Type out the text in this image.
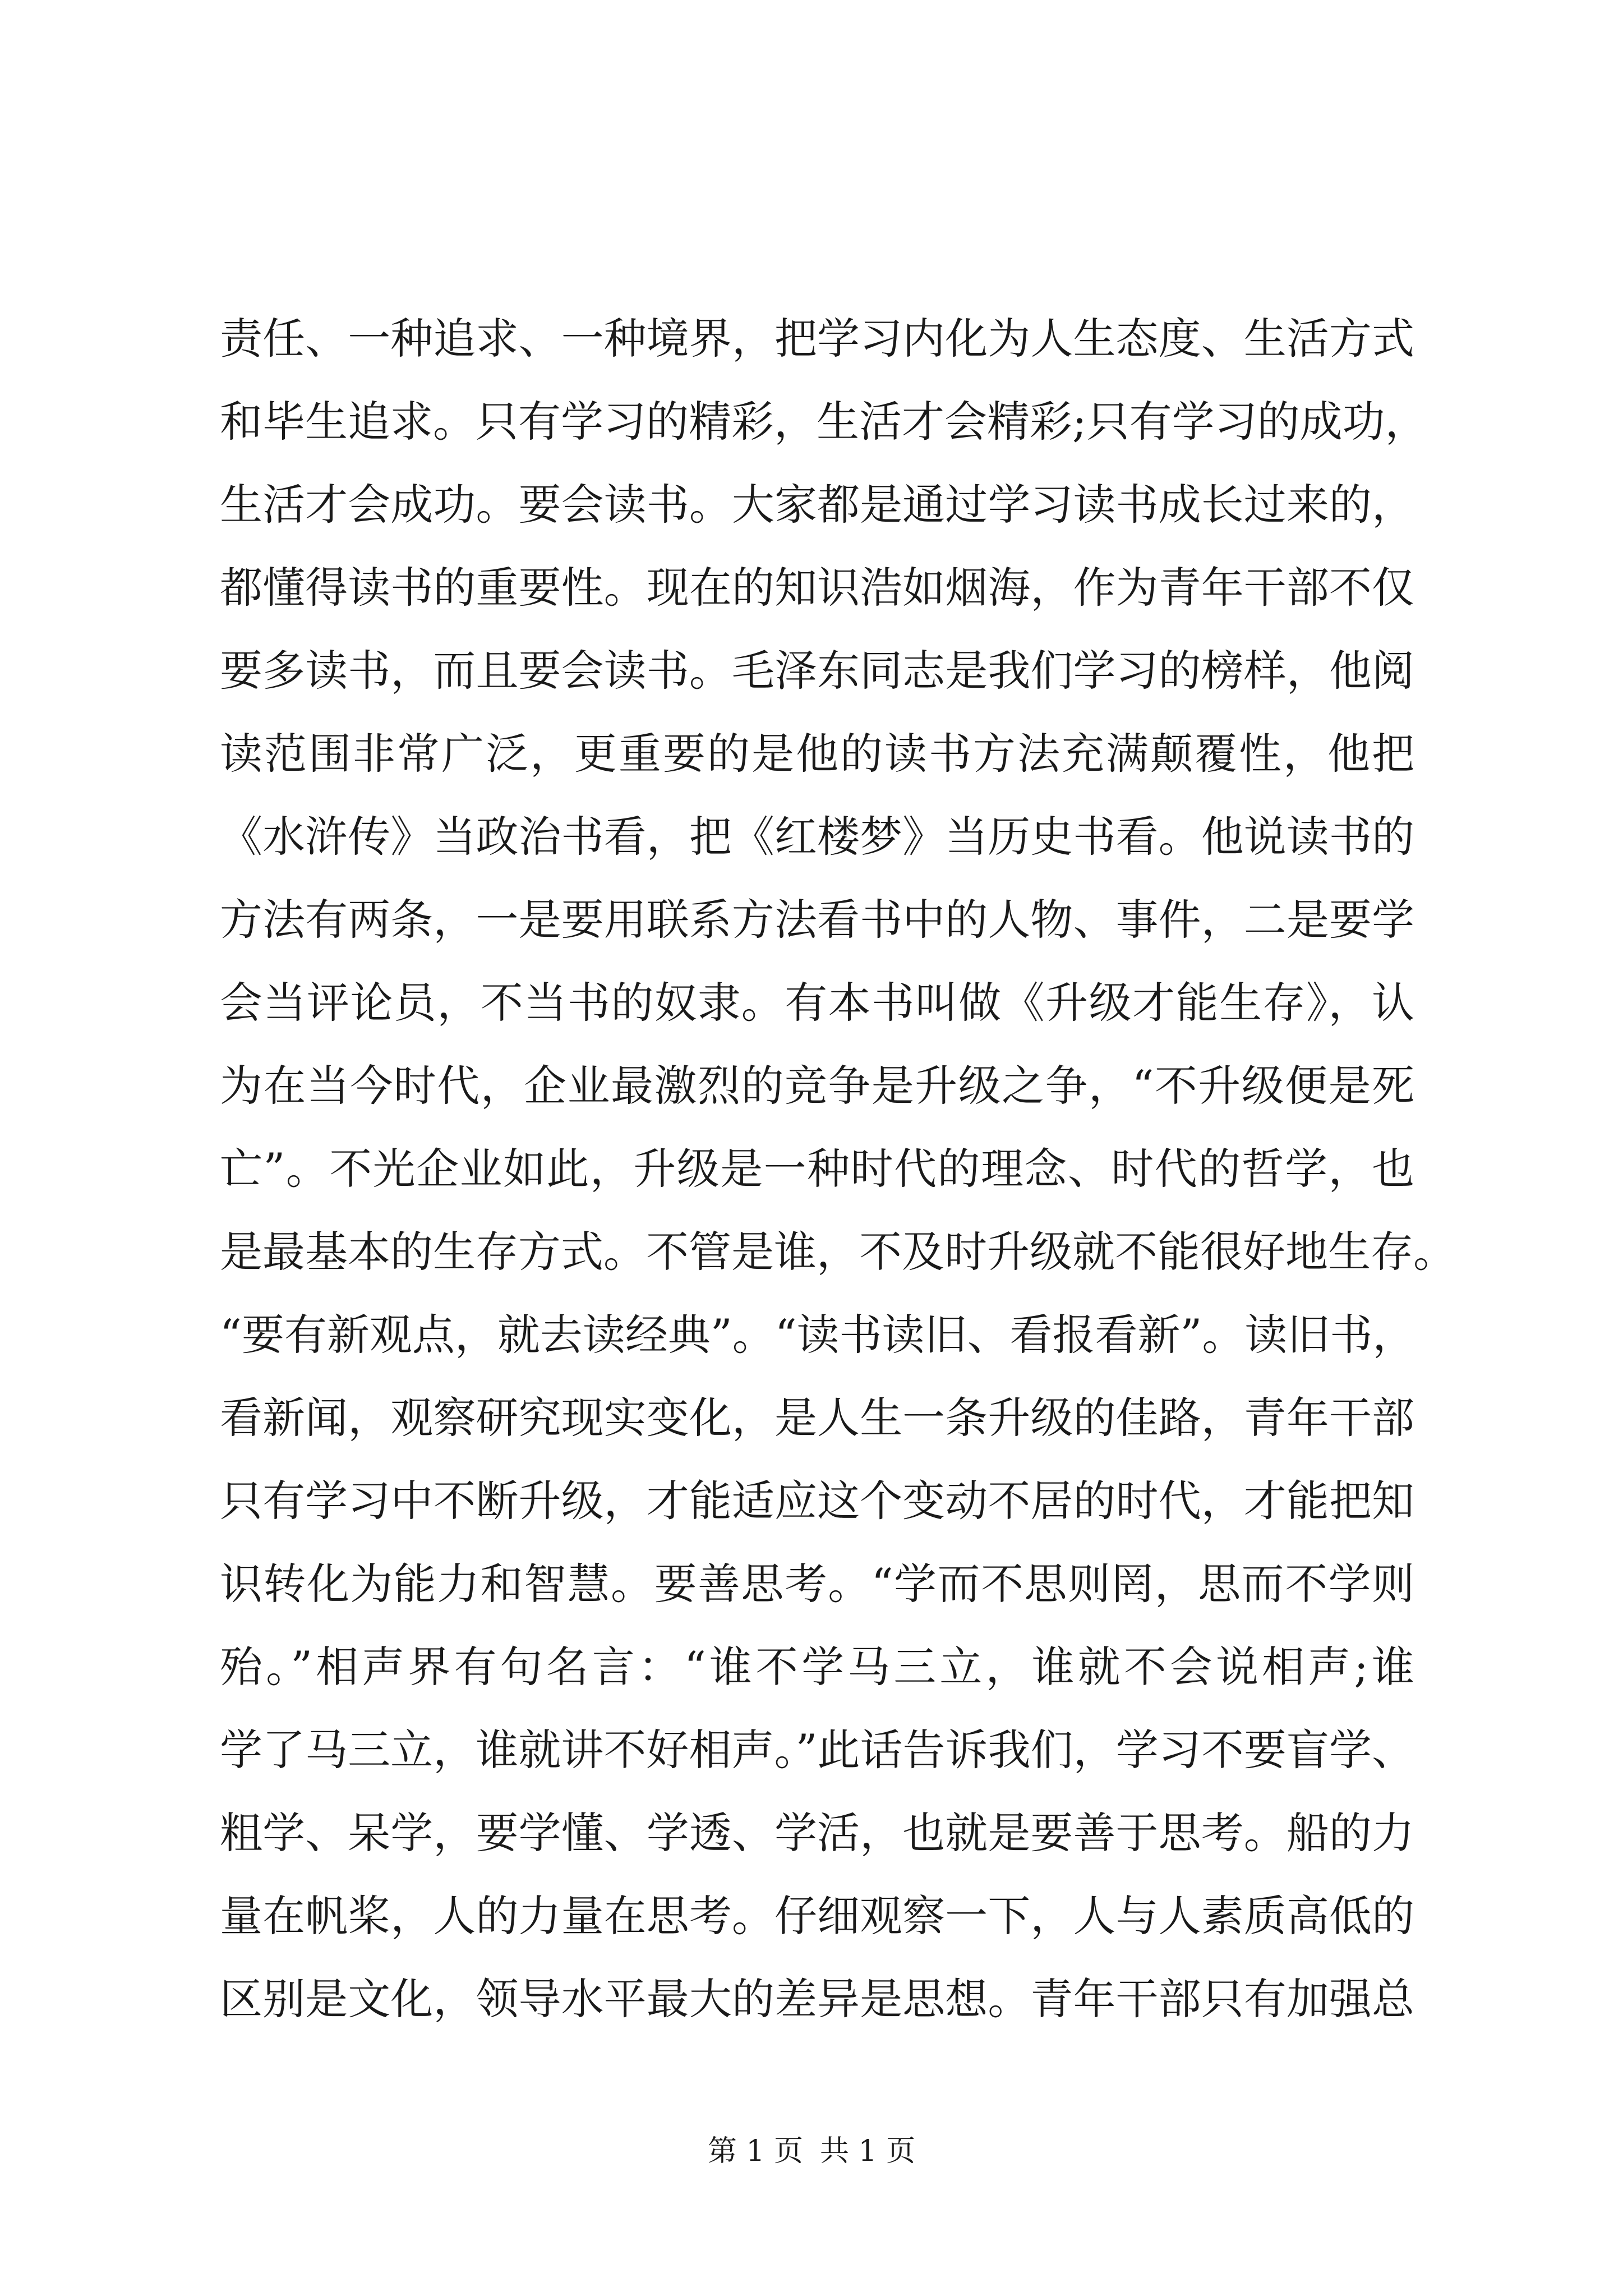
责任、一种追求、一种境界，把学习内化为人生态度、生活方式
和毕生追求。只有学习的精彩，生活才会精彩;只有学习的成功，
生活才会成功。要会读书。大家都是通过学习读书成长过来的，
都懂得读书的重要性。现在的知识浩如烟海，作为青年干部不仅
要多读书，而且要会读书。毛泽东同志是我们学习的榜样，他阅
读范围非常广泛，更重要的是他的读书方法充满颠覆性，他把
《水浒传》当政治书看，把《红楼梦》当历史书看。他说读书的
方法有两条，一是要用联系方法看书中的人物、事件，二是要学
会当评论员，不当书的奴隶。有本书叫做《升级才能生存》，认
为在当今时代，企业最激烈的竞争是升级之争，“不升级便是死
亡”。不光企业如此，升级是一种时代的理念、时代的哲学，也
是最基本的生存方式。不管是谁，不及时升级就不能很好地生存。
“要有新观点，就去读经典”。“读书读旧、看报看新”。读旧书，
看新闻，观察研究现实变化，是人生一条升级的佳路，青年干部
只有学习中不断升级，才能适应这个变动不居的时代，才能把知
识转化为能力和智慧。要善思考。“学而不思则罔，思而不学则
殆。”相声界有句名言：“谁不学马三立，谁就不会说相声;谁
学了马三立，谁就讲不好相声。”此话告诉我们，学习不要盲学、
粗学、呆学，要学懂、学透、学活，也就是要善于思考。船的力
量在帆桨，人的力量在思考。仔细观察一下，人与人素质高低的
区别是文化，领导水平最大的差异是思想。青年干部只有加强总
第 1 页 共 1 页
